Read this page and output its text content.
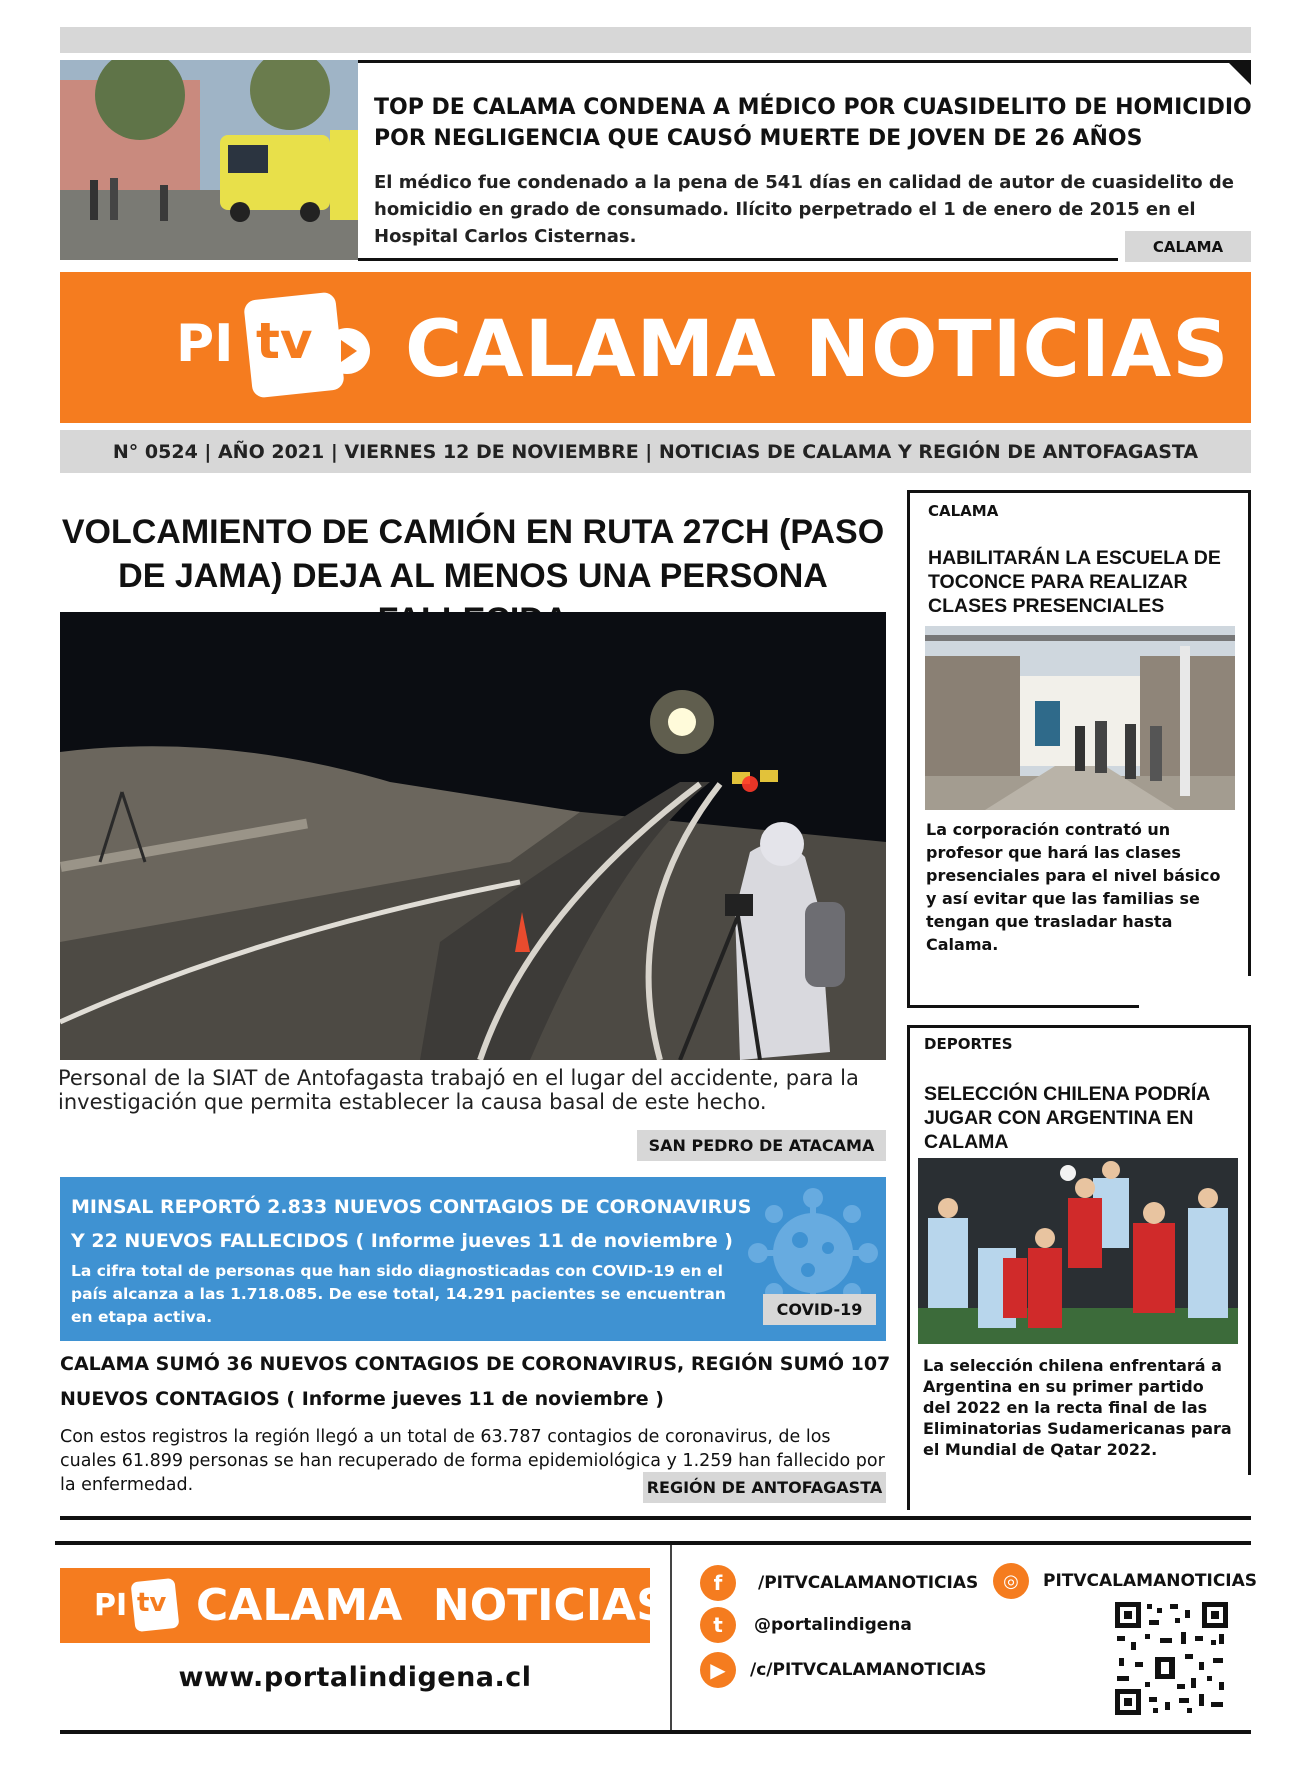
TOP DE CALAMA CONDENA A MÉDICO POR CUASIDELITO DE HOMICIDIO POR NEGLIGENCIA QUE CAUSÓ MUERTE DE JOVEN DE 26 AÑOS
El médico fue condenado a la pena de 541 días en calidad de autor de cuasidelito de homicidio en grado de consumado. Ilícito perpetrado el 1 de enero de 2015 en el Hospital Carlos Cisternas.	CALAMA
PI tv CALAMA NOTICIAS
N° 0524 | AÑO 2021 | VIERNES 12 DE NOVIEMBRE | NOTICIAS DE CALAMA Y REGIÓN DE ANTOFAGASTA
VOLCAMIENTO DE CAMIÓN EN RUTA 27CH (PASO DE JAMA) DEJA AL MENOS UNA PERSONA
Personal de la SIAT de Antofagasta trabajó en el lugar del accidente, para la investigación que permita establecer la causa basal de este hecho.
SAN PEDRO DE ATACAMA
MINSAL REPORTÓ 2.833 NUEVOS CONTAGIOS DE CORONAVIRUS
Y 22 NUEVOS FALLECIDOS ( Informe jueves 11 de noviembre )
La cifra total de personas que han sido diagnosticadas con COVID-19 en el país alcanza a las 1.718.085. De ese total, 14.291 pacientes se encuentran en etapa activa.	COVID-19
CALAMA SUMÓ 36 NUEVOS CONTAGIOS DE CORONAVIRUS, REGIÓN SUMÓ 107
NUEVOS CONTAGIOS ( Informe jueves 11 de noviembre )
Con estos registros la región llegó a un total de 63.787 contagios de coronavirus, de los cuales 61.899 personas se han recuperado de forma epidemiológica y 1.259 han fallecido por la enfermedad.	REGIÓN DE ANTOFAGASTA
CALAMA
HABILITARÁN LA ESCUELA DE TOCONCE PARA REALIZAR CLASES PRESENCIALES
La corporación contrató un profesor que hará las clases presenciales para el nivel básico y así evitar que las familias se tengan que trasladar hasta Calama.
DEPORTES
SELECCIÓN CHILENA PODRÍA JUGAR CON ARGENTINA EN CALAMA
La selección chilena enfrentará a Argentina en su primer partido del 2022 en la recta final de las Eliminatorias Sudamericanas para el Mundial de Qatar 2022.
PI tv CALAMA  NOTICIAS
www.portalindigena.cl
f	/PITVCALAMANOTICIAS
t	@portalindigena
▶	/c/PITVCALAMANOTICIAS
◎	PITVCALAMANOTICIAS
